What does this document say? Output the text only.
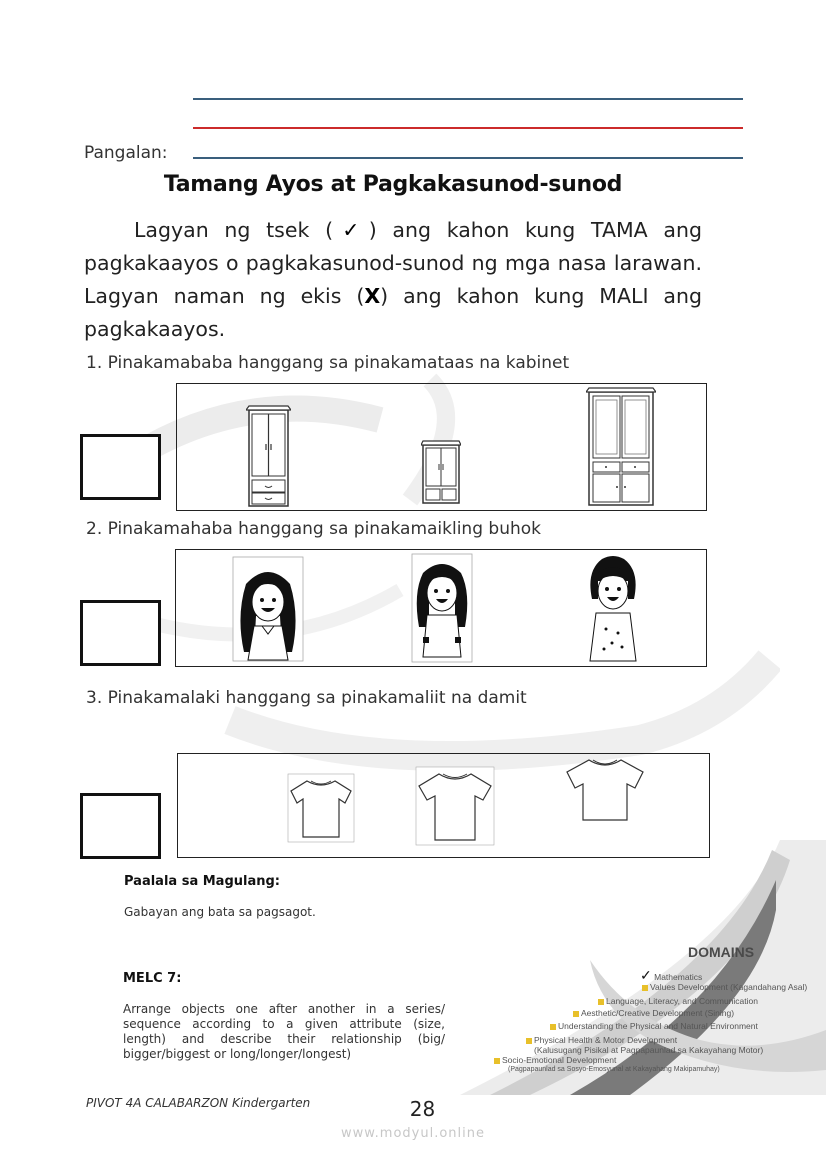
Pangalan:
Tamang Ayos at Pagkakasunod-sunod

Lagyan ng tsek (✓) ang kahon kung TAMA ang pagkakaayos o pagkakasunod-sunod ng mga nasa larawan. Lagyan naman ng ekis (X) ang kahon kung MALI ang pagkakaayos.

1. Pinakamababa hanggang sa pinakamataas na kabinet
2. Pinakamahaba hanggang sa pinakamaikling buhok
3. Pinakamalaki hanggang sa pinakamaliit na damit
Paalala sa Magulang:
Gabayan ang bata sa pagsagot.
MELC 7:
Arrange objects one after another in a series/ sequence according to a given attribute (size, length) and describe their relationship (big/ bigger/biggest or long/longer/longest)
DOMAINS
✓ Mathematics
Values Development (Kagandahang Asal)
Language, Literacy, and Communication
Aesthetic/Creative Development (Sining)
Understanding the Physical and Natural Environment
Physical Health & Motor Development
(Kalusugang Pisikal at Pagpapaunlad sa Kakayahang Motor)
Socio-Emotional Development
(Pagpapaunlad sa Sosyo-Emosyunal at Kakayahang Makipamuhay)
PIVOT 4A CALABARZON Kindergarten	28
www.modyul.online
